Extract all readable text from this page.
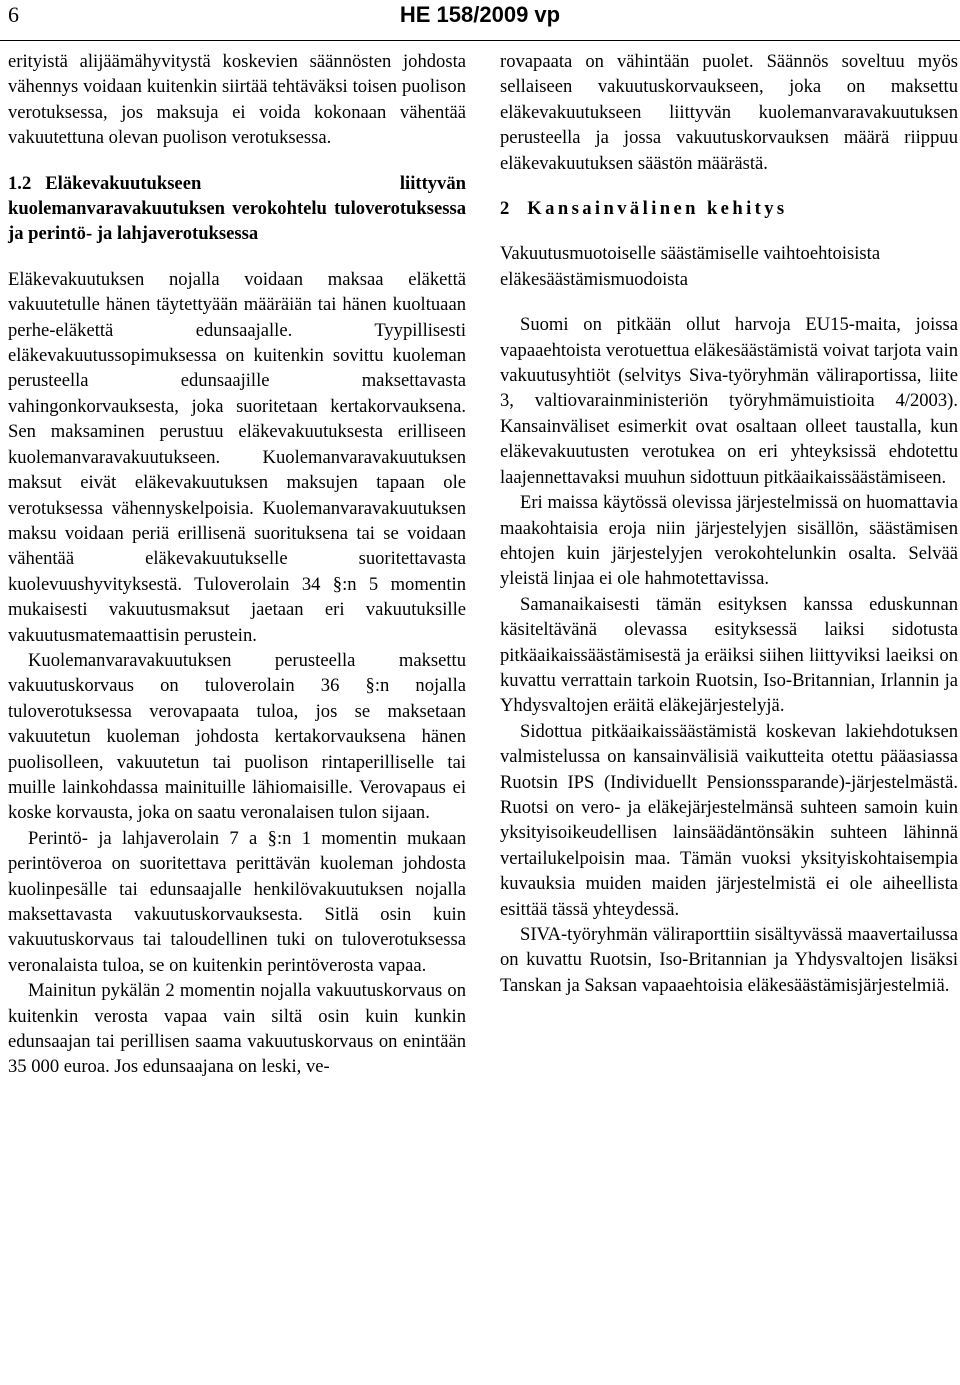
6	HE 158/2009 vp

erityistä alijäämähyvitystä koskevien säännösten johdosta vähennys voidaan kuitenkin siirtää tehtäväksi toisen puolison verotuksessa, jos maksuja ei voida kokonaan vähentää vakuutettuna olevan puolison verotuksessa.

1.2 Eläkevakuutukseen liittyvän kuolemanvaravakuutuksen verokohtelu tuloverotuksessa ja perintö- ja lahjaverotuksessa

Eläkevakuutuksen nojalla voidaan maksaa eläkettä vakuutetulle hänen täytettyään määräiän tai hänen kuoltuaan perhe-eläkettä edunsaajalle. Tyypillisesti eläkevakuutussopimuksessa on kuitenkin sovittu kuoleman perusteella edunsaajille maksettavasta vahingonkorvauksesta, joka suoritetaan kertakorvauksena. Sen maksaminen perustuu eläkevakuutuksesta erilliseen kuolemanvaravakuutukseen. Kuolemanvaravakuutuksen maksut eivät eläkevakuutuksen maksujen tapaan ole verotuksessa vähennyskelpoisia. Kuolemanvaravakuutuksen maksu voidaan periä erillisenä suorituksena tai se voidaan vähentää eläkevakuutukselle suoritettavasta kuolevuushyvityksestä. Tuloverolain 34 §:n 5 momentin mukaisesti vakuutusmaksut jaetaan eri vakuutuksille vakuutusmatemaattisin perustein.

Kuolemanvaravakuutuksen perusteella maksettu vakuutuskorvaus on tuloverolain 36 §:n nojalla tuloverotuksessa verovapaata tuloa, jos se maksetaan vakuutetun kuoleman johdosta kertakorvauksena hänen puolisolleen, vakuutetun tai puolison rintaperilliselle tai muille lainkohdassa mainituille lähiomaisille. Verovapaus ei koske korvausta, joka on saatu veronalaisen tulon sijaan.

Perintö- ja lahjaverolain 7 a §:n 1 momentin mukaan perintöveroa on suoritettava perittävän kuoleman johdosta kuolinpesälle tai edunsaajalle henkilövakuutuksen nojalla maksettavasta vakuutuskorvauksesta. Sitlä osin kuin vakuutuskorvaus tai taloudellinen tuki on tuloverotuksessa veronalaista tuloa, se on kuitenkin perintöverosta vapaa.

Mainitun pykälän 2 momentin nojalla vakuutuskorvaus on kuitenkin verosta vapaa vain siltä osin kuin kunkin edunsaajan tai perillisen saama vakuutuskorvaus on enintään 35 000 euroa. Jos edunsaajana on leski, ve-

rovapaata on vähintään puolet. Säännös soveltuu myös sellaiseen vakuutuskorvaukseen, joka on maksettu eläkevakuutukseen liittyvän kuolemanvaravakuutuksen perusteella ja jossa vakuutuskorvauksen määrä riippuu eläkevakuutuksen säästön määrästä.

2 Kansainvälinen kehitys
Vakuutusmuotoiselle säästämiselle vaihtoehtoisista eläkesäästämismuodoista

Suomi on pitkään ollut harvoja EU15-maita, joissa vapaaehtoista verotuettua eläkesäästämistä voivat tarjota vain vakuutusyhtiöt (selvitys Siva-työryhmän väliraportissa, liite 3, valtiovarainministeriön työryhmämuistioita 4/2003). Kansainväliset esimerkit ovat osaltaan olleet taustalla, kun eläkevakuutusten verotukea on eri yhteyksissä ehdotettu laajennettavaksi muuhun sidottuun pitkäaikaissäästämiseen.

Eri maissa käytössä olevissa järjestelmissä on huomattavia maakohtaisia eroja niin järjestelyjen sisällön, säästämisen ehtojen kuin järjestelyjen verokohtelunkin osalta. Selvää yleistä linjaa ei ole hahmotettavissa.

Samanaikaisesti tämän esityksen kanssa eduskunnan käsiteltävänä olevassa esityksessä laiksi sidotusta pitkäaikaissäästämisestä ja eräiksi siihen liittyviksi laeiksi on kuvattu verrattain tarkoin Ruotsin, Iso-Britannian, Irlannin ja Yhdysvaltojen eräitä eläkejärjestelyjä.

Sidottua pitkäaikaissäästämistä koskevan lakiehdotuksen valmistelussa on kansainvälisiä vaikutteita otettu pääasiassa Ruotsin IPS (Individuellt Pensionssparande)-järjestelmästä. Ruotsi on vero- ja eläkejärjestelmänsä suhteen samoin kuin yksityisoikeudellisen lainsäädäntönsäkin suhteen lähinnä vertailukelpoisin maa. Tämän vuoksi yksityiskohtaisempia kuvauksia muiden maiden järjestelmistä ei ole aiheellista esittää tässä yhteydessä.

SIVA-työryhmän väliraporttiin sisältyvässä maavertailussa on kuvattu Ruotsin, Iso-Britannian ja Yhdysvaltojen lisäksi Tanskan ja Saksan vapaaehtoisia eläkesäästämisjärjestelmiä.
